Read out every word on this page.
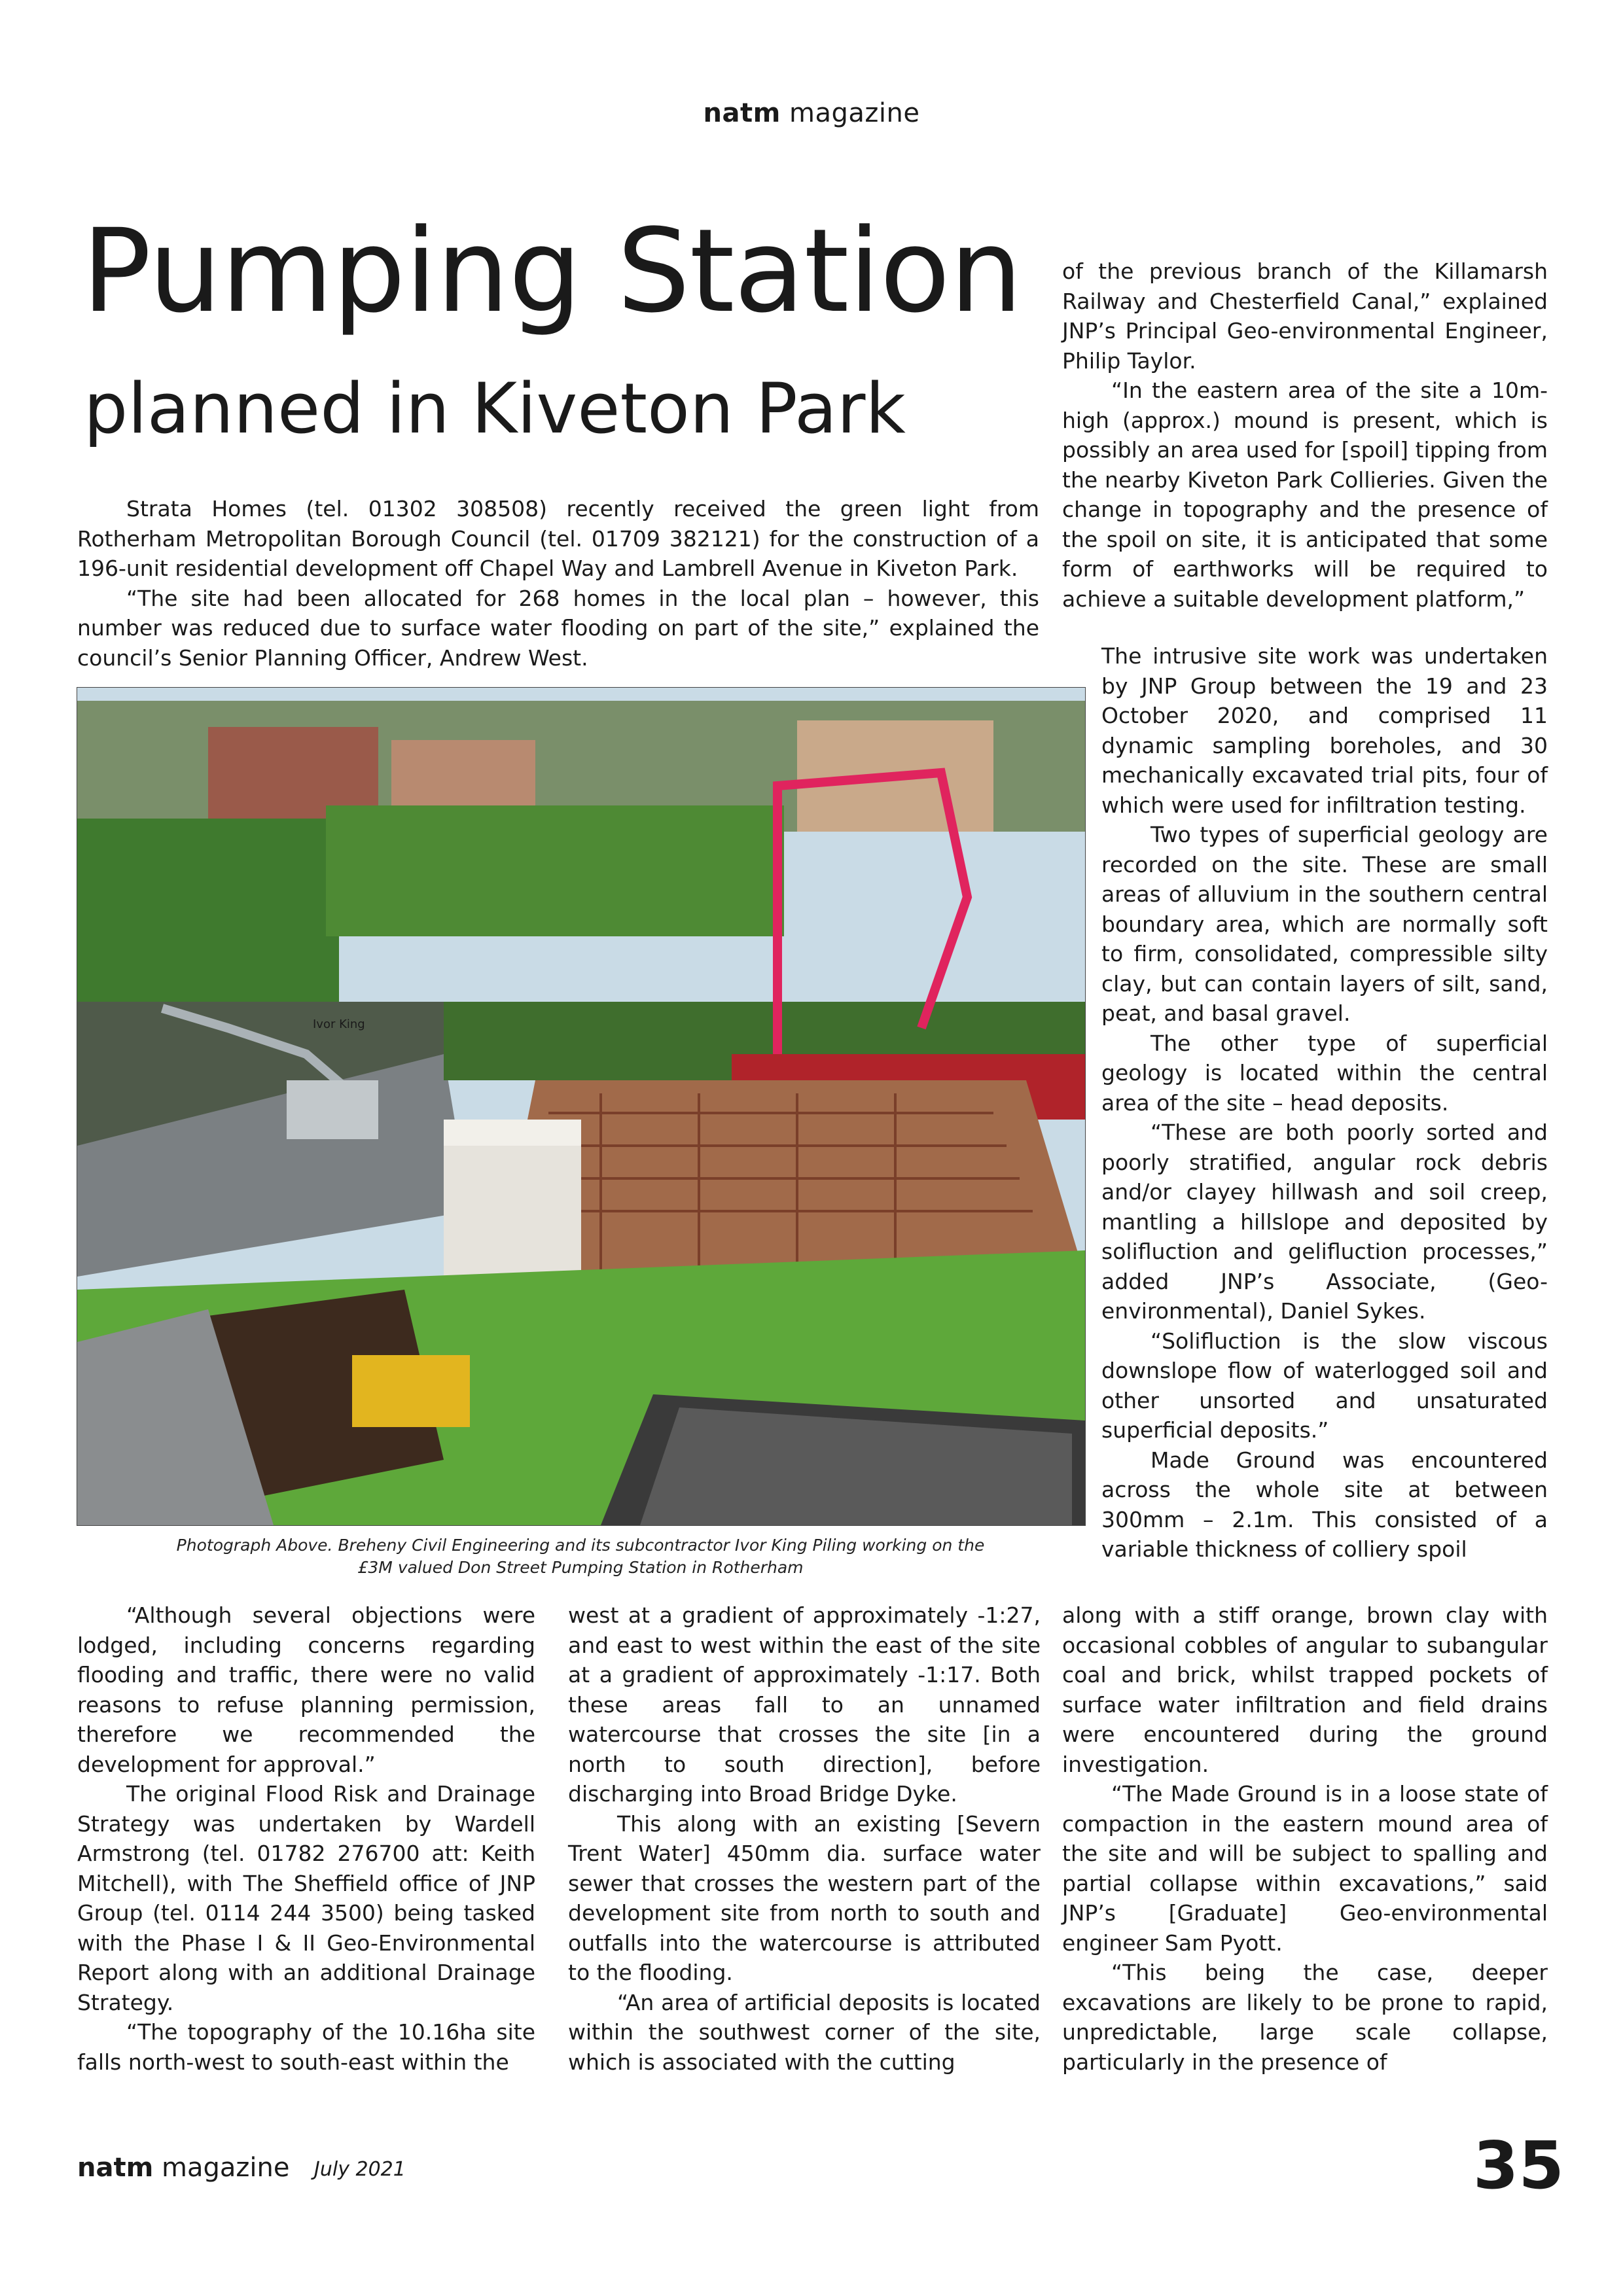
natm magazine
Pumping Station
planned in Kiveton Park

Strata Homes (tel. 01302 308508) recently received the green light from Rotherham Metropolitan Borough Council (tel. 01709 382121) for the construction of a 196-unit residential development off Chapel Way and Lambrell Avenue in Kiveton Park.

“The site had been allocated for 268 homes in the local plan – however, this number was reduced due to surface water flooding on part of the site,” explained the council’s Senior Planning Officer, Andrew West.

of the previous branch of the Killamarsh Railway and Chesterfield Canal,” explained JNP’s Principal Geo-environmental Engineer, Philip Taylor.

“In the eastern area of the site a 10m-high (approx.) mound is present, which is possibly an area used for [spoil] tipping from the nearby Kiveton Park Collieries. Given the change in topography and the presence of the spoil on site, it is anticipated that some form of earthworks will be required to achieve a suitable development platform,”

The intrusive site work was undertaken by JNP Group between the 19 and 23 October 2020, and comprised 11 dynamic sampling boreholes, and 30 mechanically excavated trial pits, four of which were used for infiltration testing.

Two types of superficial geology are recorded on the site. These are small areas of alluvium in the southern central boundary area, which are normally soft to firm, consolidated, compressible silty clay, but can contain layers of silt, sand, peat, and basal gravel.

The other type of superficial geology is located within the central area of the site – head deposits.

“These are both poorly sorted and poorly stratified, angular rock debris and/or clayey hillwash and soil creep, mantling a hillslope and deposited by solifluction and gelifluction processes,” added JNP’s Associate, (Geo-environmental), Daniel Sykes.

“Solifluction is the slow viscous downslope flow of waterlogged soil and other unsorted and unsaturated superficial deposits.”

Made Ground was encountered across the whole site at between 300mm – 2.1m. This consisted of a variable thickness of colliery spoil

Ivor King
Photograph Above. Breheny Civil Engineering and its subcontractor Ivor King Piling working on the
£3M valued Don Street Pumping Station in Rotherham

“Although several objections were lodged, including concerns regarding flooding and traffic, there were no valid reasons to refuse planning permission, therefore we recommended the development for approval.”

The original Flood Risk and Drainage Strategy was undertaken by Wardell Armstrong (tel. 01782 276700 att: Keith Mitchell), with The Sheffield office of JNP Group (tel. 0114 244 3500) being tasked with the Phase I & II Geo-Environmental Report along with an additional Drainage Strategy.

“The topography of the 10.16ha site falls north-west to south-east within the

west at a gradient of approximately -1:27, and east to west within the east of the site at a gradient of approximately -1:17. Both these areas fall to an unnamed watercourse that crosses the site [in a north to south direction], before discharging into Broad Bridge Dyke.

This along with an existing [Severn Trent Water] 450mm dia. surface water sewer that crosses the western part of the development site from north to south and outfalls into the watercourse is attributed to the flooding.

“An area of artificial deposits is located within the southwest corner of the site, which is associated with the cutting

along with a stiff orange, brown clay with occasional cobbles of angular to subangular coal and brick, whilst trapped pockets of surface water infiltration and field drains were encountered during the ground investigation.

“The Made Ground is in a loose state of compaction in the eastern mound area of the site and will be subject to spalling and partial collapse within excavations,” said JNP’s [Graduate] Geo-environmental engineer Sam Pyott.

“This being the case, deeper excavations are likely to be prone to rapid, unpredictable, large scale collapse, particularly in the presence of

natm magazine July 2021	35
